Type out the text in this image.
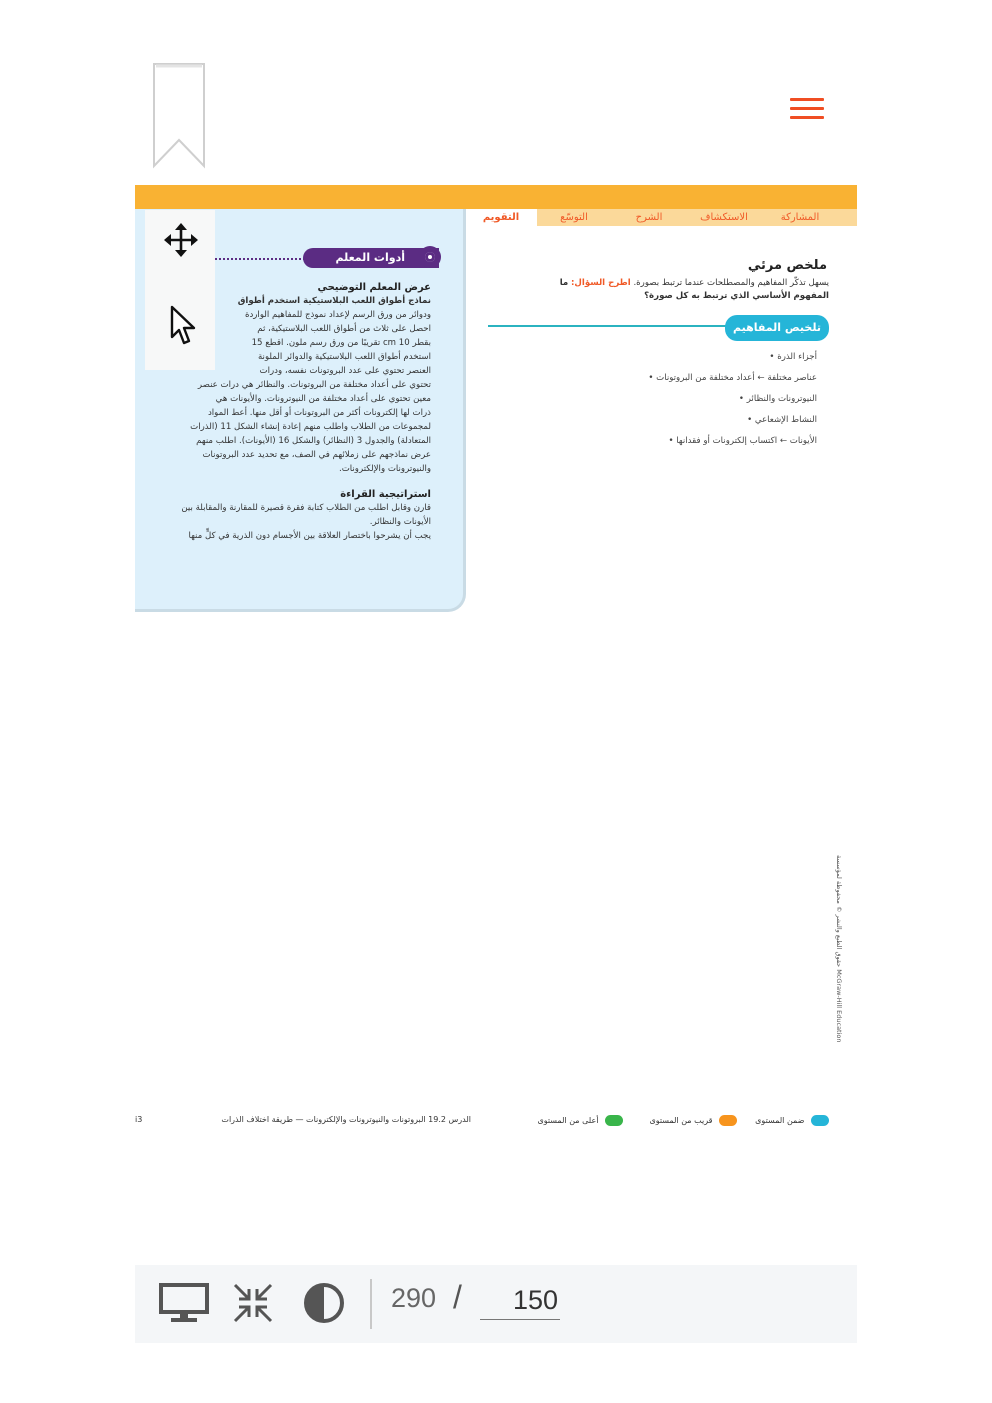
المشاركة
الاستكشاف
الشرح
التوسّع
التقويم
أدوات المعلم
عرض المعلم التوضيحي
نماذج أطواق اللعب البلاستيكية استخدم أطواق
ودوائر من ورق الرسم لإعداد نموذج للمفاهيم الواردة
احصل على ثلاث من أطواق اللعب البلاستيكية، ثم
بقطر 10 cm تقريبًا من ورق رسم ملون. اقطع 15
استخدم أطواق اللعب البلاستيكية والدوائر الملونة
العنصر تحتوي على عدد البروتونات نفسه، ودرات
تحتوي على أعداد مختلفة من البروتونات. والنظائر هي درات عنصر
معين تحتوي على أعداد مختلفة من النيوترونات. والأيونات هي
ذرات لها إلكترونات أكثر من البروتونات أو أقل منها. أعط المواد
لمجموعات من الطلاب واطلب منهم إعادة إنشاء الشكل 11 (الذرات
المتعادلة) والجدول 3 (النظائر) والشكل 16 (الأيونات). اطلب منهم
عرض نماذجهم على زملائهم في الصف، مع تحديد عدد البروتونات
والنيوترونات والإلكترونات.
استراتيجية القراءة
قارن وقابل اطلب من الطلاب كتابة فقرة قصيرة للمقارنة والمقابلة بين
الأيونات والنظائر.
يجب أن يشرحوا باختصار العلاقة بين الأجسام دون الذرية في كلٍّ منها
ملخص مرئي
يسهل تذكّر المفاهيم والمصطلحات عندما ترتبط بصورة. اطرح السؤال: ما
المفهوم الأساسي الذي ترتبط به كل صورة؟
تلخيص المفاهيم
أجزاء الذرة •
عناصر مختلفة ← أعداد مختلفة من البروتونات •
النيوترونات والنظائر •
النشاط الإشعاعي •
الأيونات ← اكتساب إلكترونات أو فقدانها •
حقوق الطبع والنشر © محفوظة لمؤسسة McGraw-Hill Education
ضمن المستوى
قريب من المستوى
أعلى من المستوى
الدرس 19.2 البروتونات والنيوترونات والإلكترونات — طريقة اختلاف الذرات
i3
290 /
150
